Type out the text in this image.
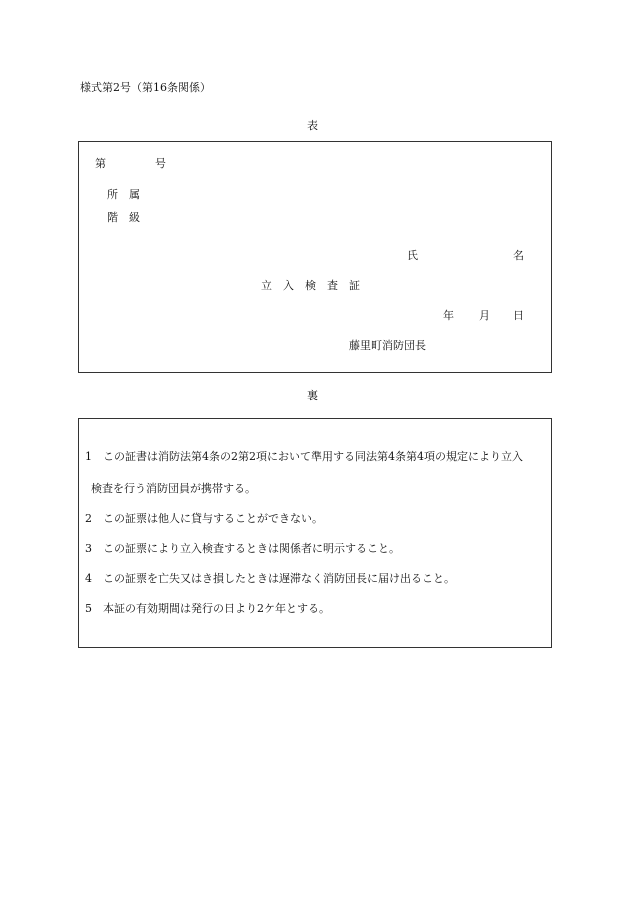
様式第2号（第16条関係）
表
第	号
所　属
階　級
氏	名
立　入　検　査　証
年 月 日
藤里町消防団長
裏
1 この証書は消防法第4条の2第2項において準用する同法第4条第4項の規定により立入
検査を行う消防団員が携帯する。
2 この証票は他人に貸与することができない。
3 この証票により立入検査するときは関係者に明示すること。
4 この証票を亡失又はき損したときは遅滞なく消防団長に届け出ること。
5 本証の有効期間は発行の日より2ケ年とする。
